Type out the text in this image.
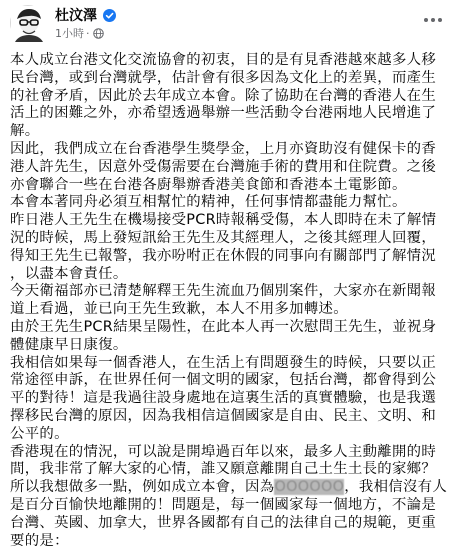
杜汶澤
1小時 ·

本人成立台港文化交流協會的初衷，目的是有見香港越來越多人移民台灣，或到台灣就學，估計會有很多因為文化上的差異，而產生的社會矛盾，因此於去年成立本會。除了協助在台灣的香港人在生活上的困難之外，亦希望透過舉辦一些活動令台港兩地人民增進了解。

因此，我們成立在台香港學生獎學金，上月亦資助沒有健保卡的香港人許先生，因意外受傷需要在台灣施手術的費用和住院費。之後亦會聯合一些在台港各廚舉辦香港美食節和香港本土電影節。

本會本著同舟必須互相幫忙的精神，任何事情都盡能力幫忙。

昨日港人王先生在機場接受PCR時報稱受傷，本人即時在未了解情況的時候，馬上發短訊給王先生及其經理人，之後其經理人回覆，得知王先生已報警，我亦吩咐正在休假的同事向有關部門了解情況，以盡本會責任。

今天衛福部亦已清楚解釋王先生流血乃個別案件，大家亦在新聞報道上看過，並已向王先生致歉，本人不用多加轉述。

由於王先生PCR結果呈陽性，在此本人再一次慰問王先生，並祝身體健康早日康復。

我相信如果每一個香港人，在生活上有問題發生的時候，只要以正常途徑申訴，在世界任何一個文明的國家，包括台灣，都會得到公平的對待！這是我過往設身處地在這裏生活的真實體驗，也是我選擇移民台灣的原因，因為我相信這個國家是自由、民主、文明、和公平的。

香港現在的情況，可以說是開埠過百年以來，最多人主動離開的時間，我非常了解大家的心情，誰又願意離開自己土生土長的家鄉？所以我想做多一點，例如成立本會，因為OOOOOO，我相信沒有人是百分百愉快地離開的！問題是，每一個國家每一個地方，不論是台灣、英國、加拿大，世界各國都有自己的法律自己的規範，更重要的是：
